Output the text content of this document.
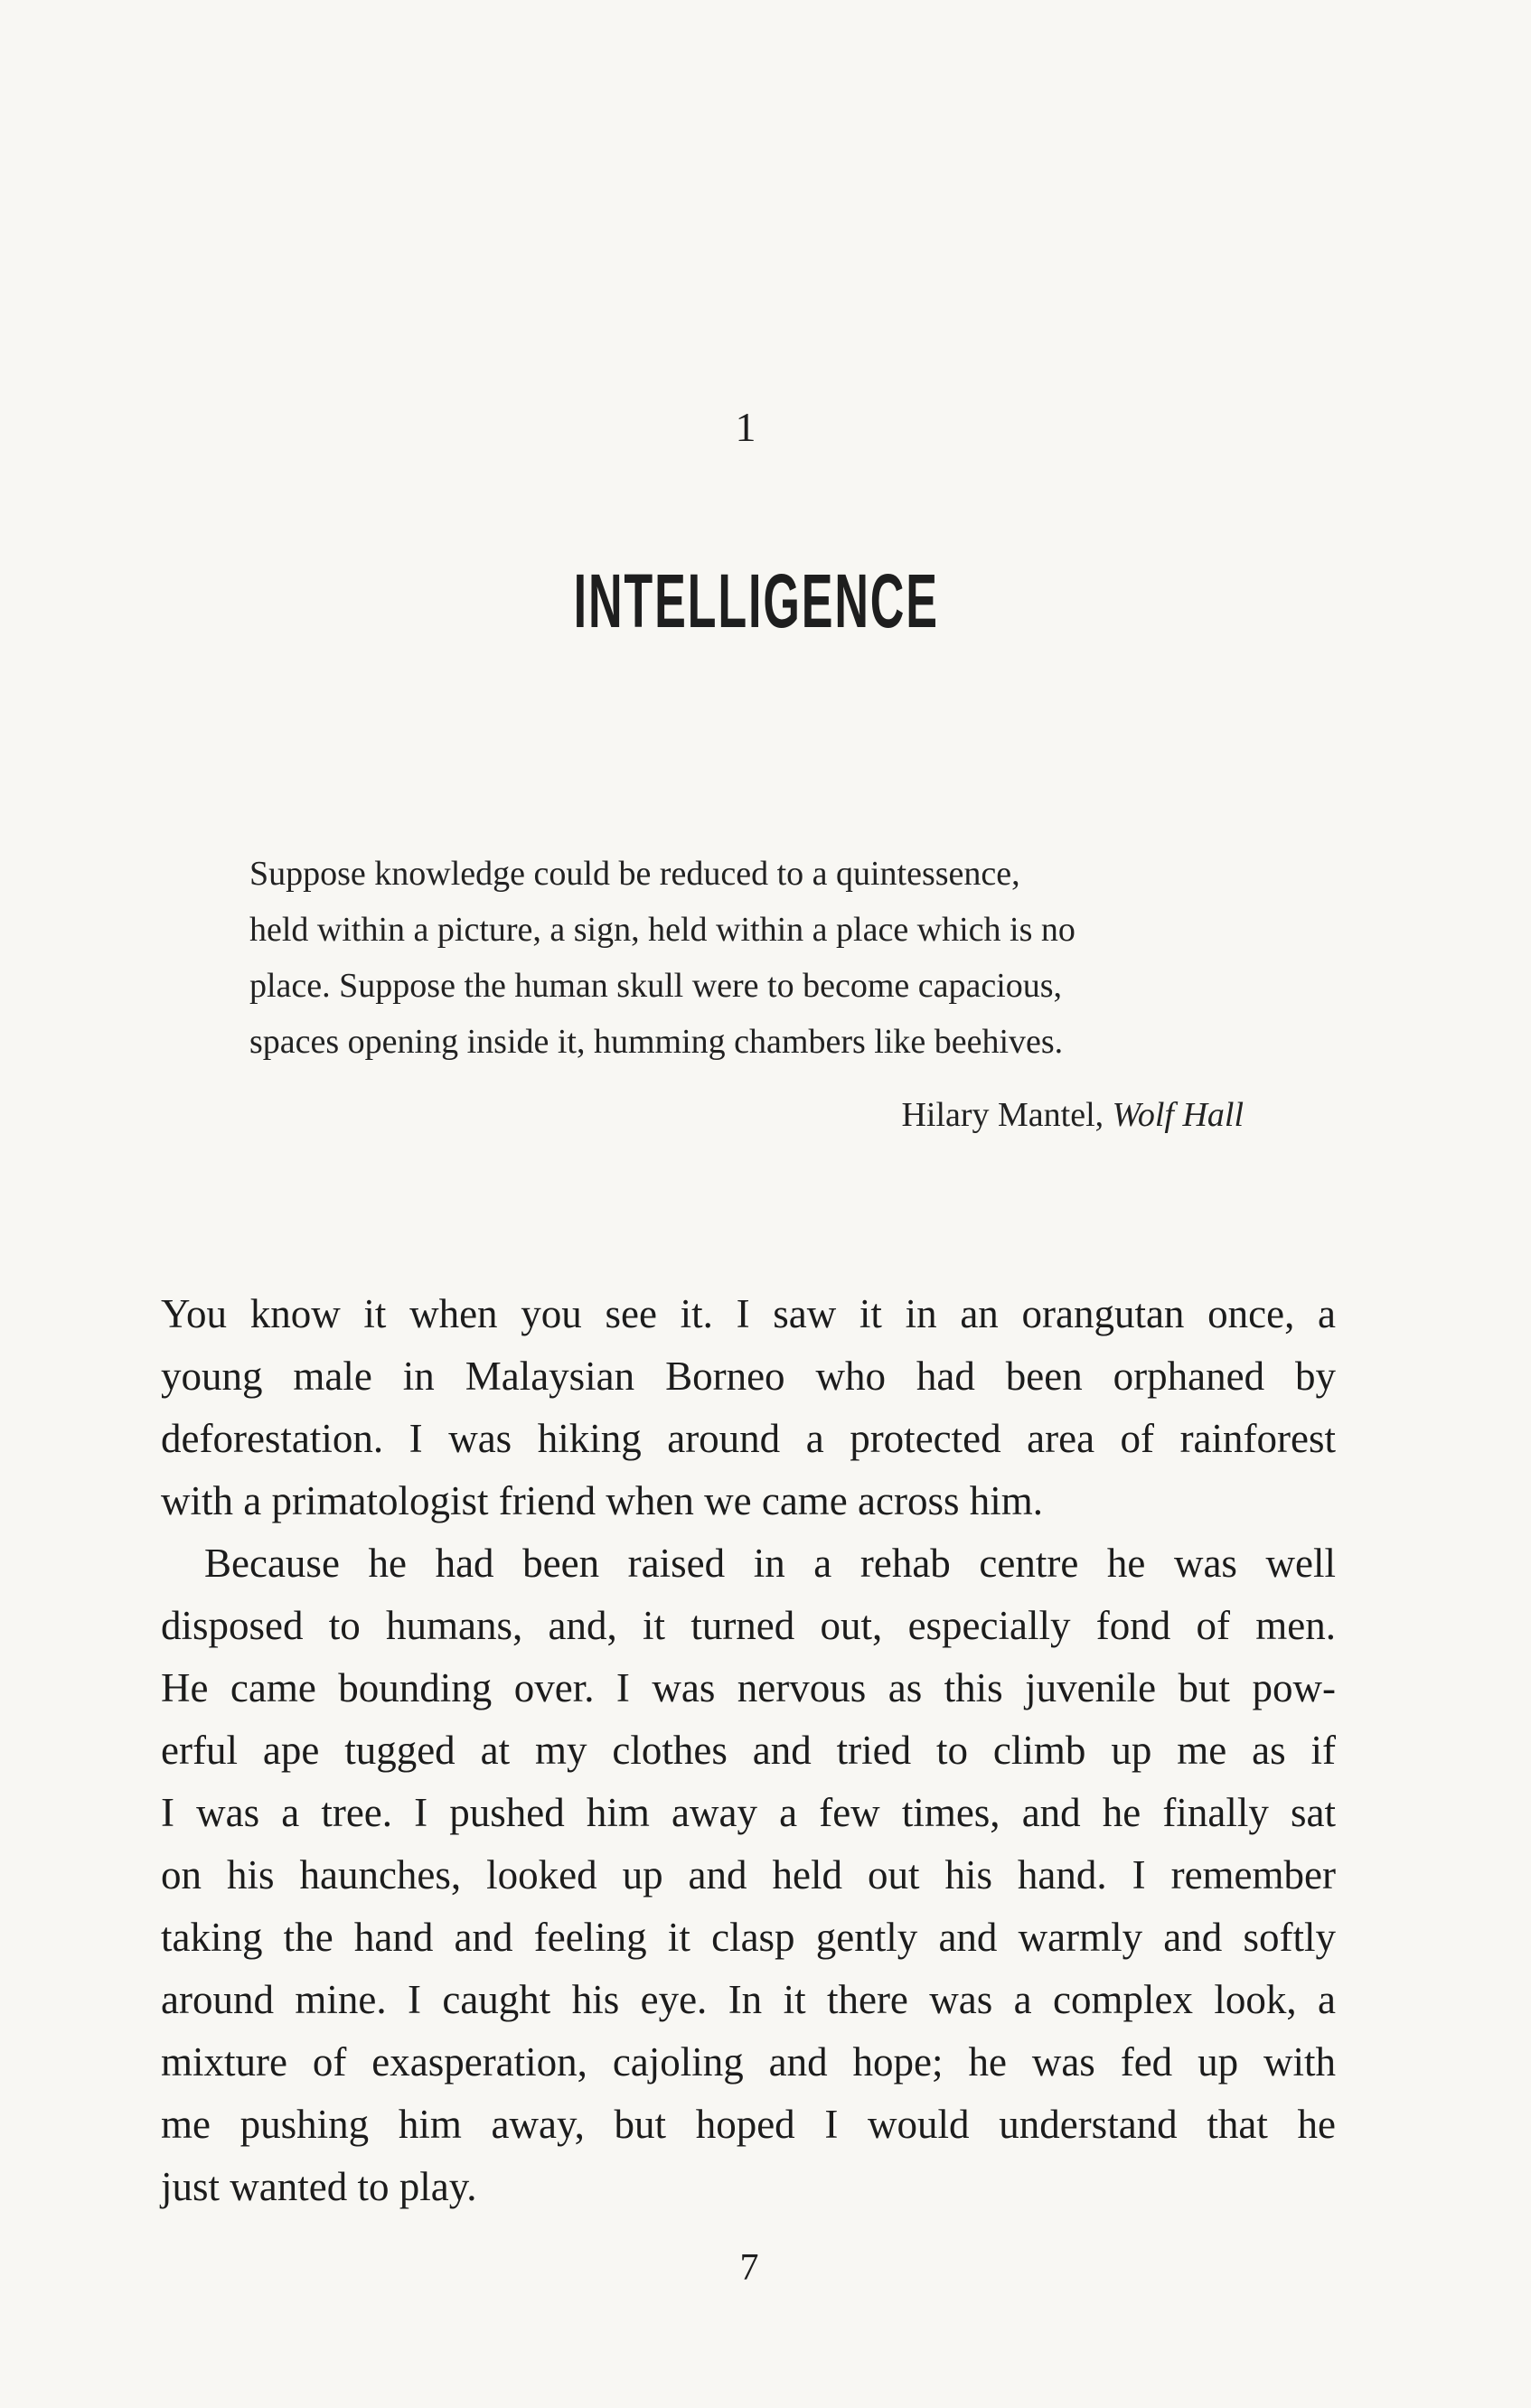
1
INTELLIGENCE
Suppose knowledge could be reduced to a quintessence,
held within a picture, a sign, held within a place which is no
place. Suppose the human skull were to become capacious,
spaces opening inside it, humming chambers like beehives.
Hilary Mantel, Wolf Hall
You know it when you see it. I saw it in an orangutan once, a
young male in Malaysian Borneo who had been orphaned by
deforestation. I was hiking around a protected area of rainforest
with a primatologist friend when we came across him.
Because he had been raised in a rehab centre he was well
disposed to humans, and, it turned out, especially fond of men.
He came bounding over. I was nervous as this juvenile but pow-
erful ape tugged at my clothes and tried to climb up me as if
I was a tree. I pushed him away a few times, and he finally sat
on his haunches, looked up and held out his hand. I remember
taking the hand and feeling it clasp gently and warmly and softly
around mine. I caught his eye. In it there was a complex look, a
mixture of exasperation, cajoling and hope; he was fed up with
me pushing him away, but hoped I would understand that he
just wanted to play.
7
